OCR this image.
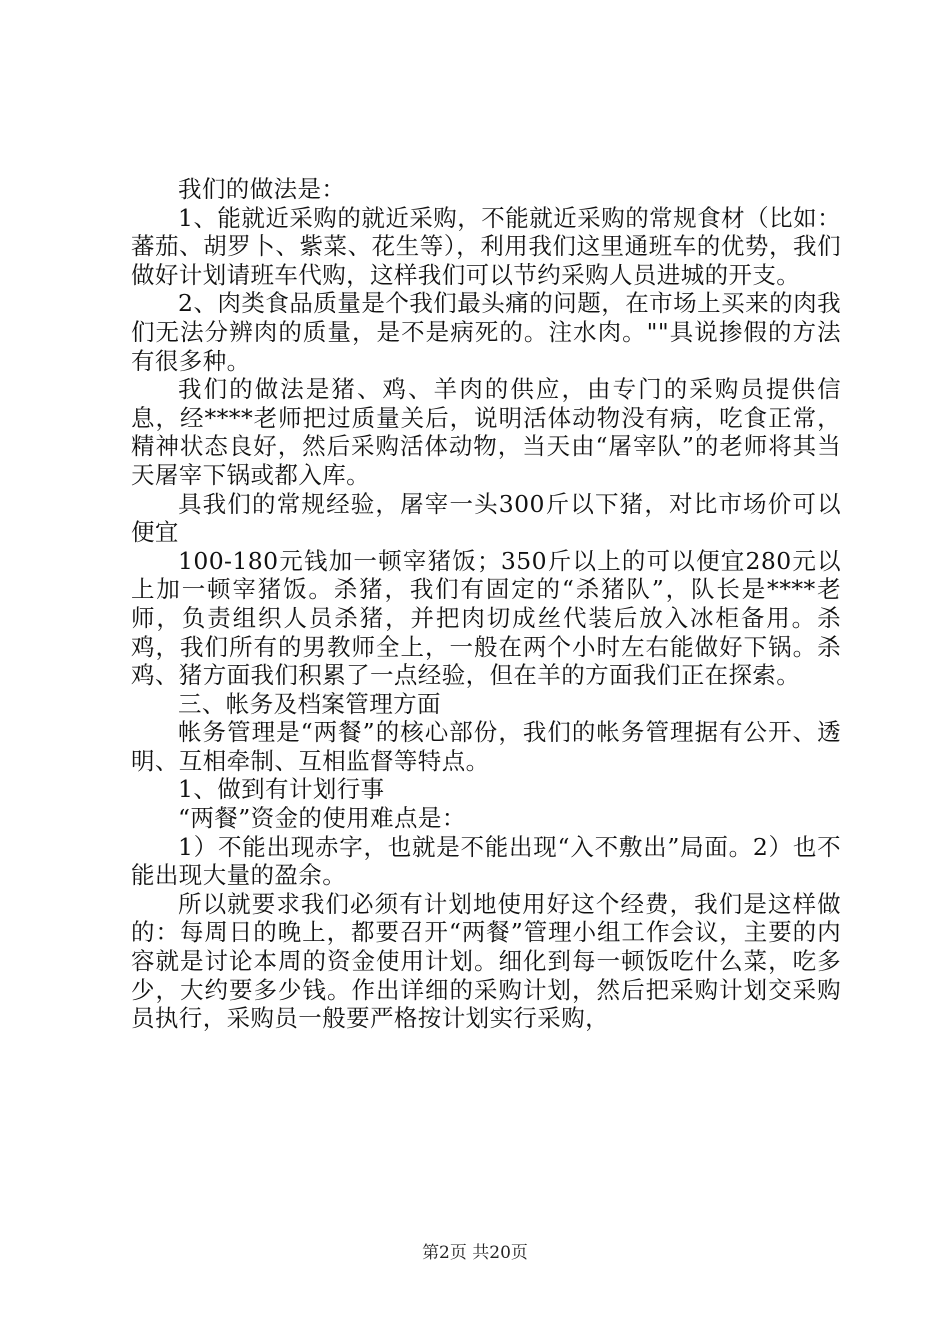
我们的做法是：

1、能就近采购的就近采购，不能就近采购的常规食材（比如：蕃茄、胡罗卜、紫菜、花生等），利用我们这里通班车的优势，我们做好计划请班车代购，这样我们可以节约采购人员进城的开支。

2、肉类食品质量是个我们最头痛的问题，在市场上买来的肉我们无法分辨肉的质量，是不是病死的。注水肉。""具说掺假的方法有很多种。

我们的做法是猪、鸡、羊肉的供应，由专门的采购员提供信息，经****老师把过质量关后，说明活体动物没有病，吃食正常，精神状态良好，然后采购活体动物，当天由“屠宰队”的老师将其当天屠宰下锅或都入库。

具我们的常规经验，屠宰一头300斤以下猪，对比市场价可以便宜

100-180元钱加一顿宰猪饭；350斤以上的可以便宜280元以上加一顿宰猪饭。杀猪，我们有固定的“杀猪队”，队长是****老师，负责组织人员杀猪，并把肉切成丝代装后放入冰柜备用。杀鸡，我们所有的男教师全上，一般在两个小时左右能做好下锅。杀鸡、猪方面我们积累了一点经验，但在羊的方面我们正在探索。

三、帐务及档案管理方面

帐务管理是“两餐”的核心部份，我们的帐务管理据有公开、透明、互相牵制、互相监督等特点。

1、做到有计划行事

“两餐”资金的使用难点是：

1）不能出现赤字，也就是不能出现“入不敷出”局面。2）也不能出现大量的盈余。

所以就要求我们必须有计划地使用好这个经费，我们是这样做的：每周日的晚上，都要召开“两餐”管理小组工作会议，主要的内容就是讨论本周的资金使用计划。细化到每一顿饭吃什么菜，吃多少，大约要多少钱。作出详细的采购计划，然后把采购计划交采购员执行，采购员一般要严格按计划实行采购，

第2页 共20页
